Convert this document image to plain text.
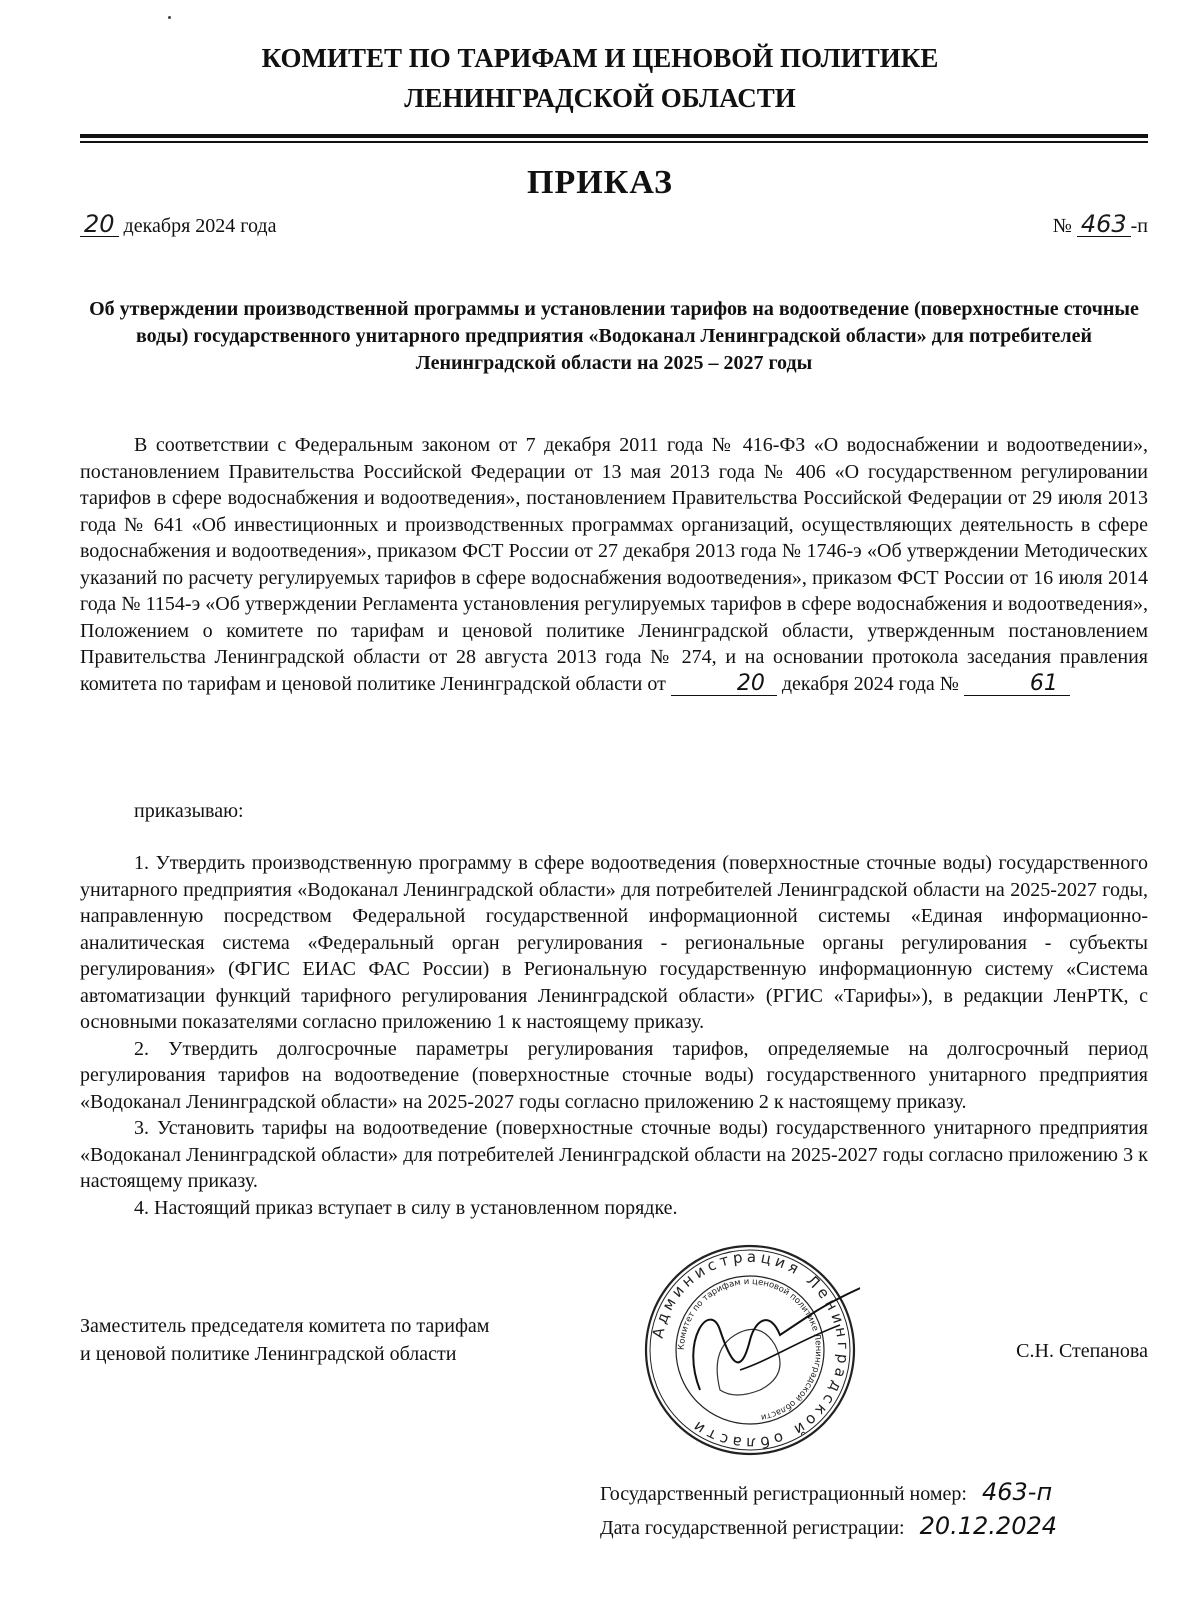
КОМИТЕТ ПО ТАРИФАМ И ЦЕНОВОЙ ПОЛИТИКЕ
ЛЕНИНГРАДСКОЙ ОБЛАСТИ
ПРИКАЗ
20 декабря 2024 года	№ 463 -п
Об утверждении производственной программы и установлении тарифов на водоотведение (поверхностные сточные воды) государственного унитарного предприятия «Водоканал Ленинградской области» для потребителей Ленинградской области на 2025 – 2027 годы

В соответствии с Федеральным законом от 7 декабря 2011 года № 416-ФЗ «О водоснабжении и водоотведении», постановлением Правительства Российской Федерации от 13 мая 2013 года № 406 «О государственном регулировании тарифов в сфере водоснабжения и водоотведения», постановлением Правительства Российской Федерации от 29 июля 2013 года № 641 «Об инвестиционных и производственных программах организаций, осуществляющих деятельность в сфере водоснабжения и водоотведения», приказом ФСТ России от 27 декабря 2013 года № 1746-э «Об утверждении Методических указаний по расчету регулируемых тарифов в сфере водоснабжения водоотведения», приказом ФСТ России от 16 июля 2014 года № 1154-э «Об утверждении Регламента установления регулируемых тарифов в сфере водоснабжения и водоотведения», Положением о комитете по тарифам и ценовой политике Ленинградской области, утвержденным постановлением Правительства Ленинградской области от 28 августа 2013 года № 274, и на основании протокола заседания правления комитета по тарифам и ценовой политике Ленинградской области от	20 декабря 2024 года №	61

приказываю:

1. Утвердить производственную программу в сфере водоотведения (поверхностные сточные воды) государственного унитарного предприятия «Водоканал Ленинградской области» для потребителей Ленинградской области на 2025-2027 годы, направленную посредством Федеральной государственной информационной системы «Единая информационно-аналитическая система «Федеральный орган регулирования - региональные органы регулирования - субъекты регулирования» (ФГИС ЕИАС ФАС России) в Региональную государственную информационную систему «Система автоматизации функций тарифного регулирования Ленинградской области» (РГИС «Тарифы»), в редакции ЛенРТК, с основными показателями согласно приложению 1 к настоящему приказу.

2. Утвердить долгосрочные параметры регулирования тарифов, определяемые на долгосрочный период регулирования тарифов на водоотведение (поверхностные сточные воды) государственного унитарного предприятия «Водоканал Ленинградской области» на 2025-2027 годы согласно приложению 2 к настоящему приказу.

3. Установить тарифы на водоотведение (поверхностные сточные воды) государственного унитарного предприятия «Водоканал Ленинградской области» для потребителей Ленинградской области на 2025-2027 годы согласно приложению 3 к настоящему приказу.

4. Настоящий приказ вступает в силу в установленном порядке.

Заместитель председателя комитета по тарифам
и ценовой политике Ленинградской области
Администрация Ленинградской области
Комитет по тарифам и ценовой политике Ленинградской области
С.Н. Степанова
Государственный регистрационный номер: 463-п
Дата государственной регистрации: 20.12.2024
